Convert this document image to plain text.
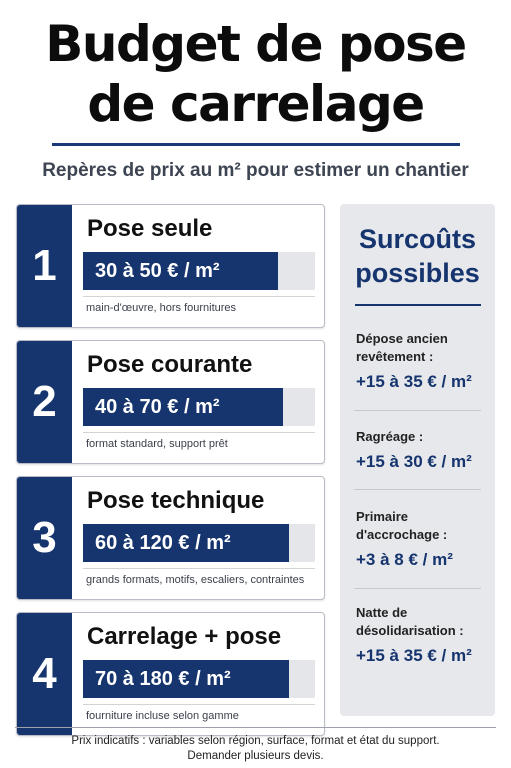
Budget de pose
de carrelage
Repères de prix au m² pour estimer un chantier
1
Pose seule
30 à 50 € / m²
main-d'œuvre, hors fournitures
2
Pose courante
40 à 70 € / m²
format standard, support prêt
3
Pose technique
60 à 120 € / m²
grands formats, motifs, escaliers, contraintes
4
Carrelage + pose
70 à 180 € / m²
fourniture incluse selon gamme
Surcoûts
possibles
Dépose ancien revêtement :
+15 à 35 € / m²
Ragréage :
+15 à 30 € / m²
Primaire d'accrochage :
+3 à 8 € / m²
Natte de désolidarisation :
+15 à 35 € / m²
Prix indicatifs : variables selon région, surface, format et état du support.
Demander plusieurs devis.
